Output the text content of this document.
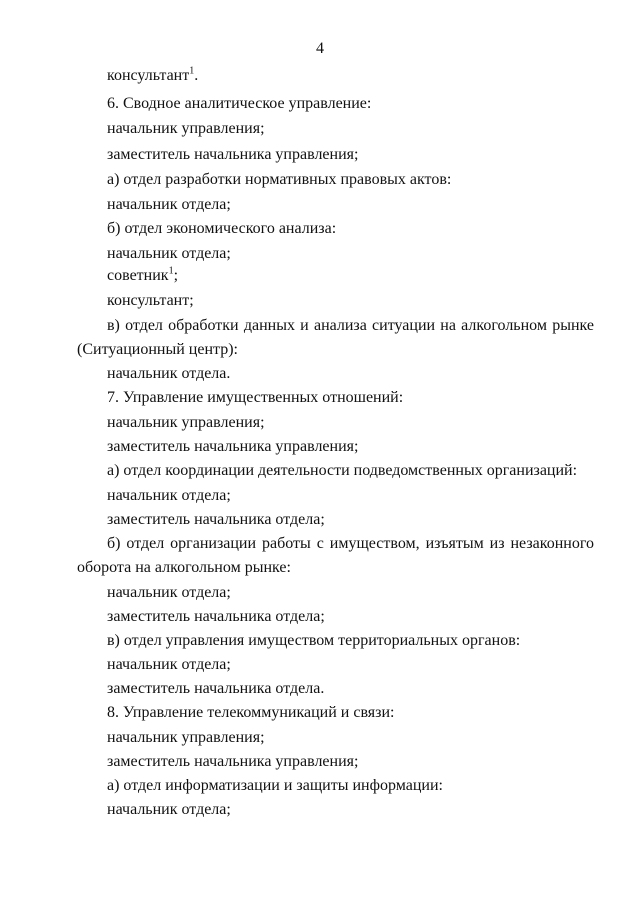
4
консультант$^1$.
6. Сводное аналитическое управление:
начальник управления;
заместитель начальника управления;
а) отдел разработки нормативных правовых актов:
начальник отдела;
б) отдел экономического анализа:
начальник отдела;
советник$^1$;
консультант;
в) отдел обработки данных и анализа ситуации на алкогольном рынке
(Ситуационный центр):
начальник отдела.
7. Управление имущественных отношений:
начальник управления;
заместитель начальника управления;
а) отдел координации деятельности подведомственных организаций:
начальник отдела;
заместитель начальника отдела;
б) отдел организации работы с имуществом, изъятым из незаконного
оборота на алкогольном рынке:
начальник отдела;
заместитель начальника отдела;
в) отдел управления имуществом территориальных органов:
начальник отдела;
заместитель начальника отдела.
8. Управление телекоммуникаций и связи:
начальник управления;
заместитель начальника управления;
а) отдел информатизации и защиты информации:
начальник отдела;
